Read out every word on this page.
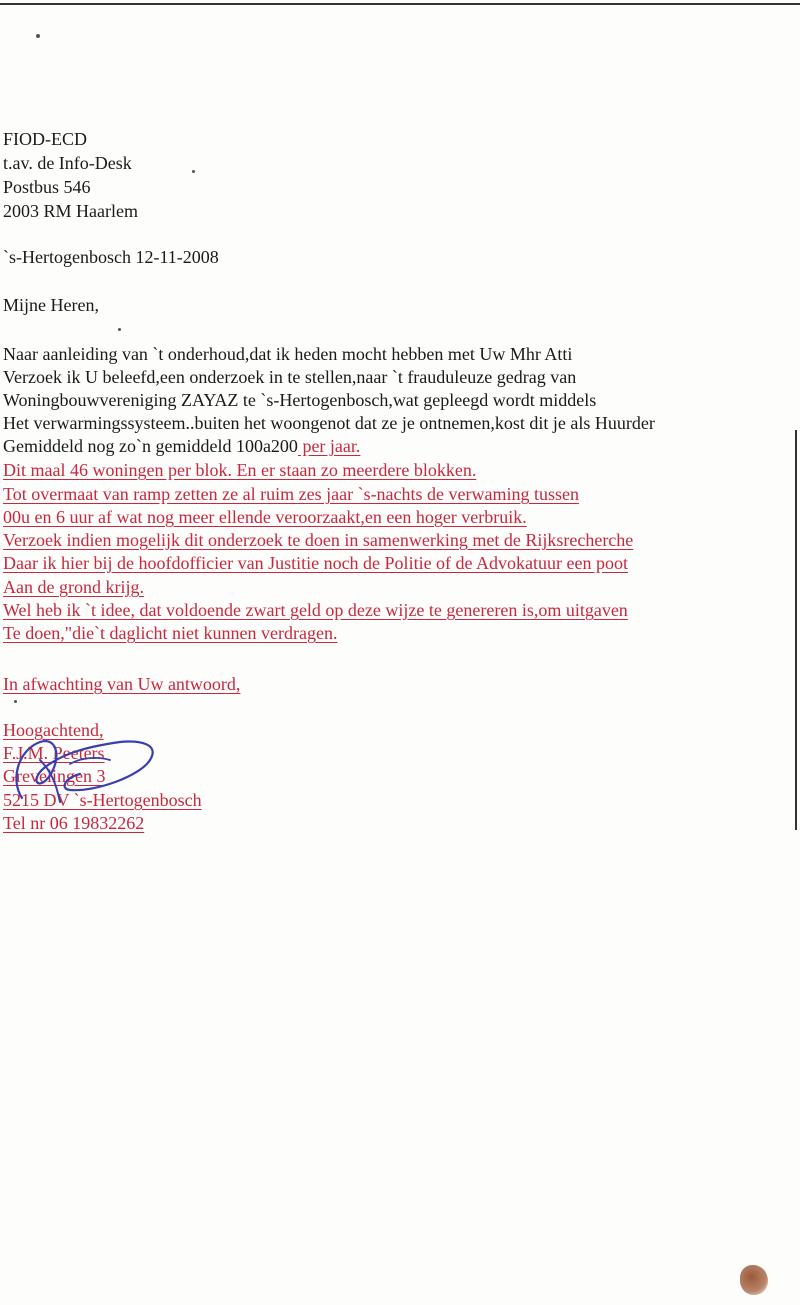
FIOD-ECD
t.av. de Info-Desk
Postbus 546
2003 RM Haarlem
`s-Hertogenbosch 12-11-2008
Mijne Heren,
Naar aanleiding van `t onderhoud,dat ik heden mocht hebben met Uw Mhr Atti
Verzoek ik U beleefd,een onderzoek in te stellen,naar `t frauduleuze gedrag van
Woningbouwvereniging ZAYAZ te `s-Hertogenbosch,wat gepleegd wordt middels
Het verwarmingssysteem..buiten het woongenot dat ze je ontnemen,kost dit je als Huurder
Gemiddeld nog zo`n gemiddeld 100a200 per jaar.
Dit maal 46 woningen per blok. En er staan zo meerdere blokken.
Tot overmaat van ramp zetten ze al ruim zes jaar `s-nachts de verwaming tussen
00u en 6 uur af wat nog meer ellende veroorzaakt,en een hoger verbruik.
Verzoek indien mogelijk dit onderzoek te doen in samenwerking met de Rijksrecherche
Daar ik hier bij de hoofdofficier van Justitie noch de Politie of de Advokatuur een poot
Aan de grond krijg.
Wel heb ik `t idee, dat voldoende zwart geld op deze wijze te genereren is,om uitgaven
Te doen,"die`t daglicht niet kunnen verdragen.
In afwachting van Uw antwoord,
Hoogachtend,
F.J.M. Peeters
Grevelingen 3
5215 DV `s-Hertogenbosch
Tel nr 06 19832262
